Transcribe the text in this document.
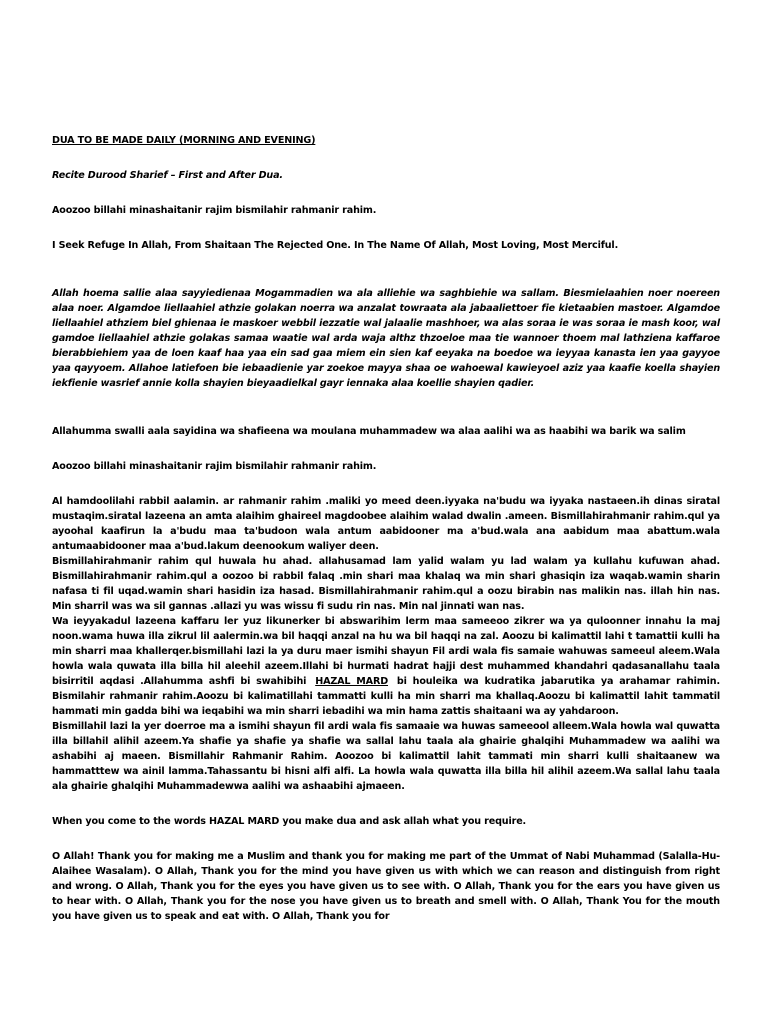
DUA TO BE MADE DAILY (MORNING AND EVENING)

Recite Durood Sharief – First and After Dua.

Aoozoo billahi minashaitanir rajim bismilahir rahmanir rahim.

I Seek Refuge In Allah, From Shaitaan The Rejected One. In The Name Of Allah, Most Loving, Most Merciful.

Allah hoema sallie alaa sayyiedienaa Mogammadien wa ala alliehie wa saghbiehie wa sallam. Biesmielaahien noer noereen alaa noer. Algamdoe liellaahiel athzie golakan noerra wa anzalat towraata ala jabaaliettoer fie kietaabien mastoer. Algamdoe liellaahiel athziem biel ghienaa ie maskoer webbil iezzatie wal jalaalie mashhoer, wa alas soraa ie was soraa ie mash koor, wal gamdoe liellaahiel athzie golakas samaa waatie wal arda waja althz thzoeloe maa tie wannoer thoem mal lathziena kaffaroe bierabbiehiem yaa de loen kaaf haa yaa ein sad gaa miem ein sien kaf eeyaka na boedoe wa ieyyaa kanasta ien yaa gayyoe yaa qayyoem. Allahoe latiefoen bie iebaadienie yar zoekoe mayya shaa oe wahoewal kawieyoel aziz yaa kaafie koella shayien iekfienie wasrief annie kolla shayien bieyaadielkal gayr iennaka alaa koellie shayien qadier.

Allahumma swalli aala sayidina wa shafieena wa moulana muhammadew wa alaa aalihi wa as haabihi wa barik wa salim

Aoozoo billahi minashaitanir rajim bismilahir rahmanir rahim.

Al hamdoolilahi rabbil aalamin. ar rahmanir rahim .maliki yo meed deen.iyyaka na'budu wa iyyaka nastaeen.ih dinas siratal mustaqim.siratal lazeena an amta alaihim ghaireel magdoobee alaihim walad dwalin .ameen. Bismillahirahmanir rahim.qul ya ayoohal kaafirun la a'budu maa ta'budoon wala antum aabidooner ma a'bud.wala ana aabidum maa abattum.wala antumaabidooner maa a'bud.lakum deenookum waliyer deen.

Bismillahirahmanir rahim qul huwala hu ahad. allahusamad lam yalid walam yu lad walam ya kullahu kufuwan ahad. Bismillahirahmanir rahim.qul a oozoo bi rabbil falaq .min shari maa khalaq wa min shari ghasiqin iza waqab.wamin sharin nafasa ti fil uqad.wamin shari hasidin iza hasad. Bismillahirahmanir rahim.qul a oozu birabin nas malikin nas. illah hin nas. Min sharril was wa sil gannas .allazi yu was wissu fi sudu rin nas. Min nal jinnati wan nas.

Wa ieyyakadul lazeena kaffaru ler yuz likunerker bi abswarihim lerm maa sameeoo zikrer wa ya quloonner innahu la maj noon.wama huwa illa zikrul lil aalermin.wa bil haqqi anzal na hu wa bil haqqi na zal. Aoozu bi kalimattil lahi t tamattii kulli ha min sharri maa khallerqer.bismillahi lazi la ya duru maer ismihi shayun Fil ardi wala fis samaie wahuwas sameeul aleem.Wala howla wala quwata illa billa hil aleehil azeem.Illahi bi hurmati hadrat hajji dest muhammed khandahri qadasanallahu taala bisirritil aqdasi .Allahumma ashfi bi swahibihi HAZAL MARD bi houleika wa kudratika jabarutika ya arahamar rahimin. Bismilahir rahmanir rahim.Aoozu bi kalimatillahi tammatti kulli ha min sharri ma khallaq.Aoozu bi kalimattil lahit tammatil hammati min gadda bihi wa ieqabihi wa min sharri iebadihi wa min hama zattis shaitaani wa ay yahdaroon.

Bismillahil lazi la yer doerroe ma a ismihi shayun fil ardi wala fis samaaie wa huwas sameeool alleem.Wala howla wal quwatta illa billahil alihil azeem.Ya shafie ya shafie ya shafie wa sallal lahu taala ala ghairie ghalqihi Muhammadew wa aalihi wa ashabihi aj maeen. Bismillahir Rahmanir Rahim. Aoozoo bi kalimattil lahit tammati min sharri kulli shaitaanew wa hammatttew wa ainil lamma.Tahassantu bi hisni alfi alfi. La howla wala quwatta illa billa hil alihil azeem.Wa sallal lahu taala ala ghairie ghalqihi Muhammadewwa aalihi wa ashaabihi ajmaeen.

When you come to the words HAZAL MARD you make dua and ask allah what you require.

O Allah! Thank you for making me a Muslim and thank you for making me part of the Ummat of Nabi Muhammad (Salalla-Hu-Alaihee Wasalam). O Allah, Thank you for the mind you have given us with which we can reason and distinguish from right and wrong. O Allah, Thank you for the eyes you have given us to see with. O Allah, Thank you for the ears you have given us to hear with. O Allah, Thank you for the nose you have given us to breath and smell with. O Allah, Thank You for the mouth you have given us to speak and eat with. O Allah, Thank you for
